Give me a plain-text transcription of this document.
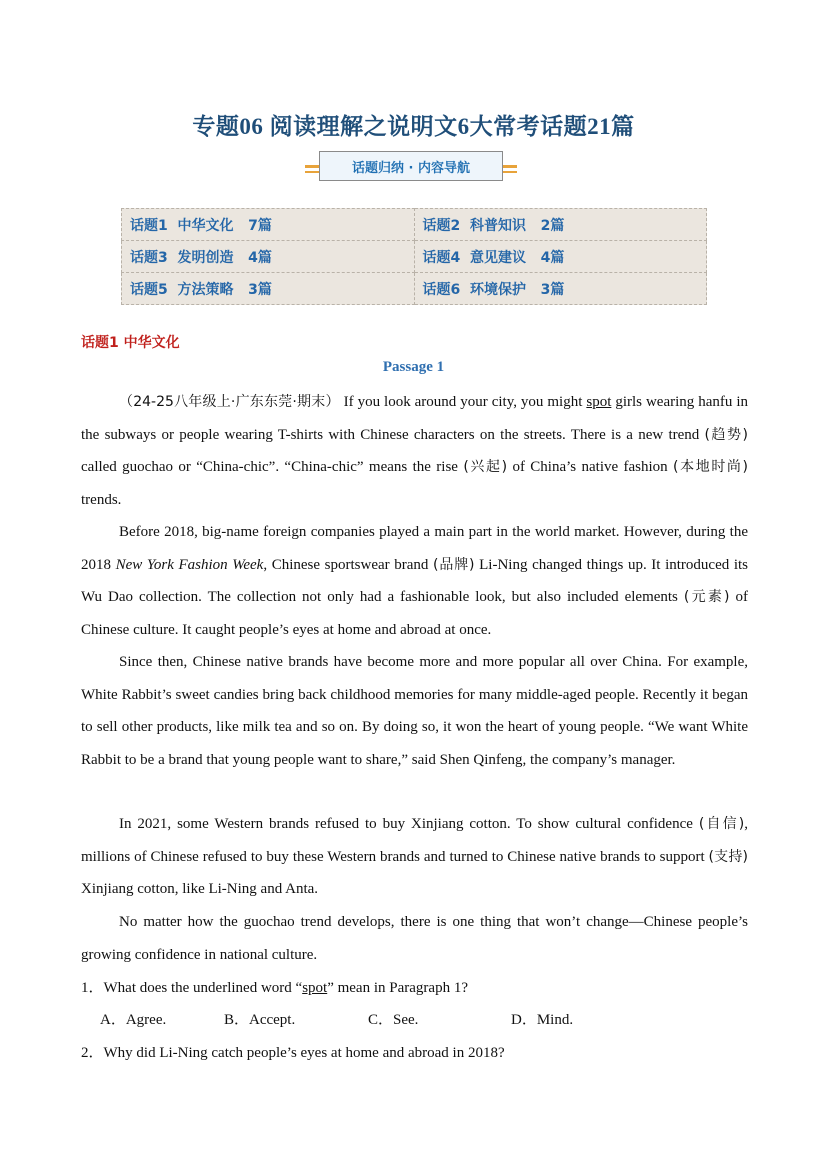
专题06 阅读理解之说明文6大常考话题21篇
话题归纳 · 内容导航
话题1  中华文化   7篇	话题2  科普知识   2篇
话题3  发明创造   4篇	话题4  意见建议   4篇
话题5  方法策略   3篇	话题6  环境保护   3篇
话题1 中华文化
Passage 1

（24-25八年级上·广东东莞·期末） If you look around your city, you might spot girls wearing hanfu in the subways or people wearing T-shirts with Chinese characters on the streets. There is a new trend (趋势) called guochao or “China-chic”. “China-chic” means the rise (兴起) of China’s native fashion (本地时尚) trends.

Before 2018, big-name foreign companies played a main part in the world market. However, during the 2018 New York Fashion Week, Chinese sportswear brand (品牌) Li-Ning changed things up. It introduced its Wu Dao collection. The collection not only had a fashionable look, but also included elements (元素) of Chinese culture. It caught people’s eyes at home and abroad at once.

Since then, Chinese native brands have become more and more popular all over China. For example, White Rabbit’s sweet candies bring back childhood memories for many middle-aged people. Recently it began to sell other products, like milk tea and so on. By doing so, it won the heart of young people. “We want White Rabbit to be a brand that young people want to share,” said Shen Qinfeng, the company’s manager.

In 2021, some Western brands refused to buy Xinjiang cotton. To show cultural confidence (自信), millions of Chinese refused to buy these Western brands and turned to Chinese native brands to support (支持) Xinjiang cotton, like Li-Ning and Anta.

No matter how the guochao trend develops, there is one thing that won’t change—Chinese people’s growing confidence in national culture.

1．What does the underlined word “spot” mean in Paragraph 1?
A．Agree.	B．Accept.	C．See.	D．Mind.
2．Why did Li-Ning catch people’s eyes at home and abroad in 2018?
